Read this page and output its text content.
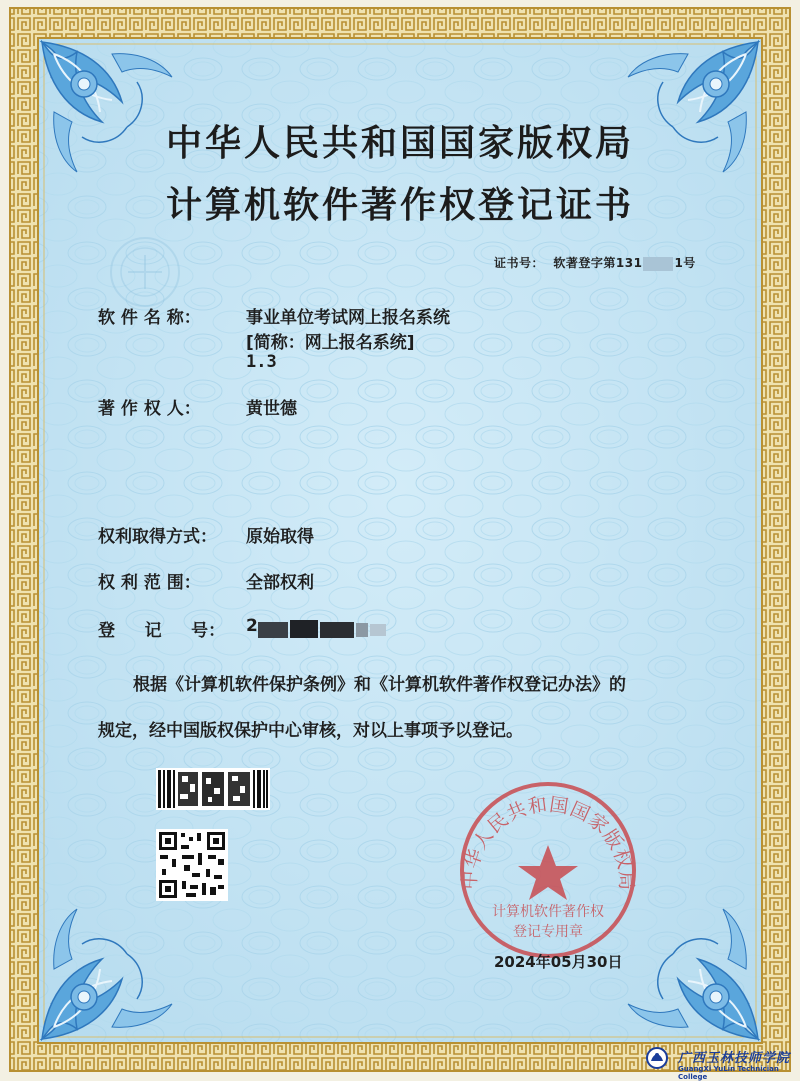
中华人民共和国国家版权局
计算机软件著作权
登记专用章
中华人民共和国国家版权局
计算机软件著作权登记证书
证书号： 软著登字第131	1号
软 件 名 称：	事业单位考试网上报名系统
[简称：网上报名系统]
1.3
著 作 权 人：	黄世德
权利取得方式： 原始取得
权 利 范 围：	全部权利
登     记     号： 2
根据《计算机软件保护条例》和《计算机软件著作权登记办法》的
规定，经中国版权保护中心审核，对以上事项予以登记。
2024年05月30日
广西玉林技师学院
GuangXi YuLin Technician College
